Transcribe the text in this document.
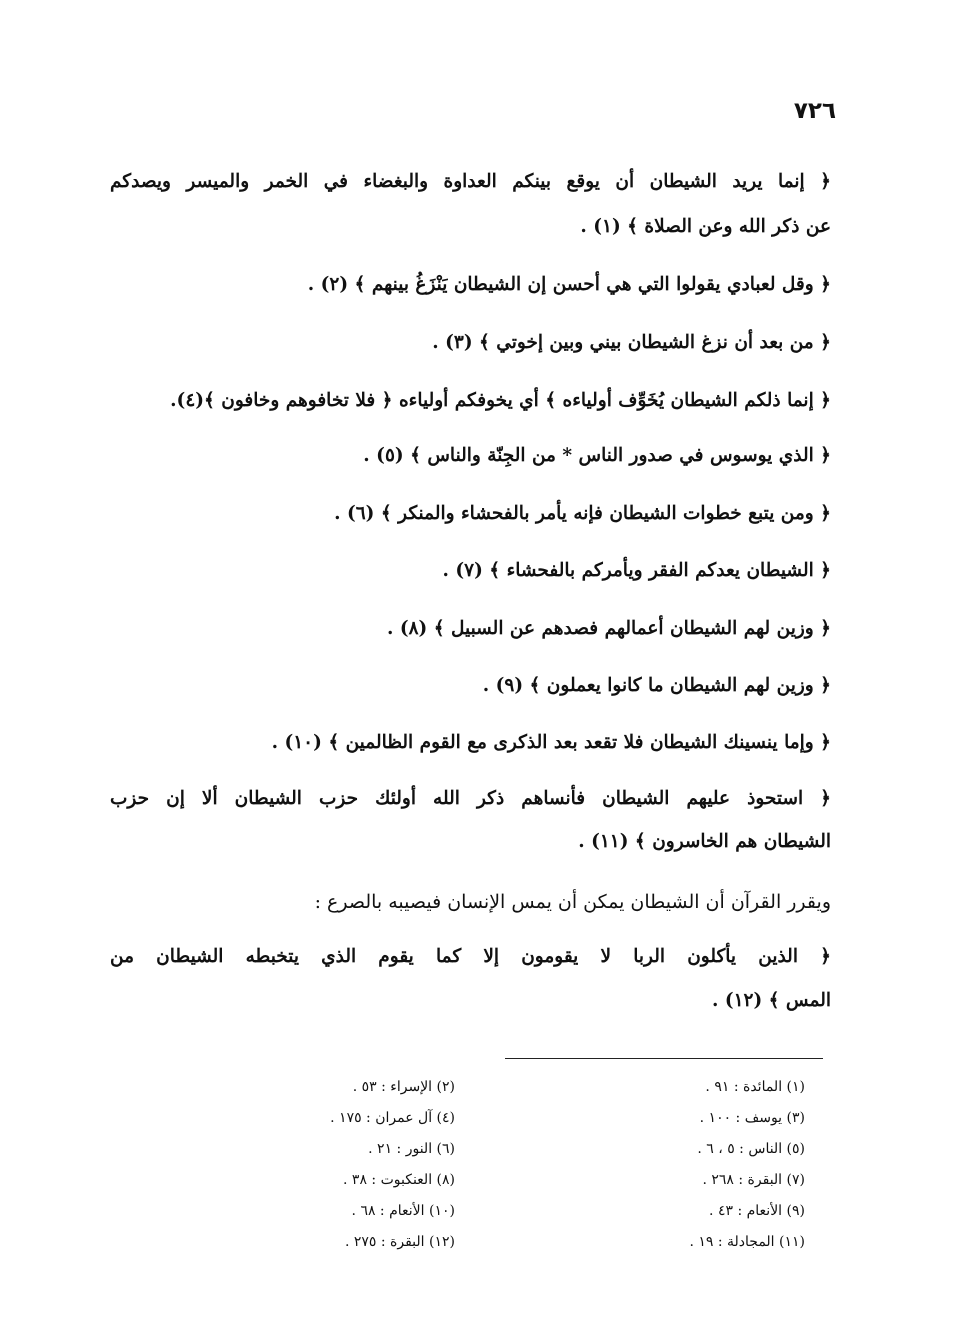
٧٢٦
﴿ إنما يريد الشيطان أن يوقع بينكم العداوة والبغضاء في الخمر والميسر ويصدكم
عن ذكر الله وعن الصلاة ﴾ (١) .
﴿ وقل لعبادي يقولوا التي هي أحسن إن الشيطان يَنْزَغُ بينهم ﴾ (٢) .
﴿ من بعد أن نزغ الشيطان بيني وبين إخوتي ﴾ (٣) .
﴿ إنما ذلكم الشيطان يُخَوِّف أولياءه ﴾ أي يخوفكم أولياءه ﴿ فلا تخافوهم وخافون ﴾(٤).
﴿ الذي يوسوس في صدور الناس * من الجِنّة والناس ﴾ (٥) .
﴿ ومن يتبع خطوات الشيطان فإنه يأمر بالفحشاء والمنكر ﴾ (٦) .
﴿ الشيطان يعدكم الفقر ويأمركم بالفحشاء ﴾ (٧) .
﴿ وزين لهم الشيطان أعمالهم فصدهم عن السبيل ﴾ (٨) .
﴿ وزين لهم الشيطان ما كانوا يعملون ﴾ (٩) .
﴿ وإما ينسينك الشيطان فلا تقعد بعد الذكرى مع القوم الظالمين ﴾ (١٠) .
﴿ استحوذ عليهم الشيطان فأنساهم ذكر الله أولئك حزب الشيطان ألا إن حزب
الشيطان هم الخاسرون ﴾ (١١) .
ويقرر القرآن أن الشيطان يمكن أن يمس الإنسان فيصيبه بالصرع :
﴿ الذين يأكلون الربا لا يقومون إلا كما يقوم الذي يتخبطه الشيطان من
المس ﴾ (١٢) .
(١) المائدة : ٩١ .
(٢) الإسراء : ٥٣ .
(٣) يوسف : ١٠٠ .
(٤) آل عمران : ١٧٥ .
(٥) الناس : ٥ ، ٦ .
(٦) النور : ٢١ .
(٧) البقرة : ٢٦٨ .
(٨) العنكبوت : ٣٨ .
(٩) الأنعام : ٤٣ .
(١٠) الأنعام : ٦٨ .
(١١) المجادلة : ١٩ .
(١٢) البقرة : ٢٧٥ .
